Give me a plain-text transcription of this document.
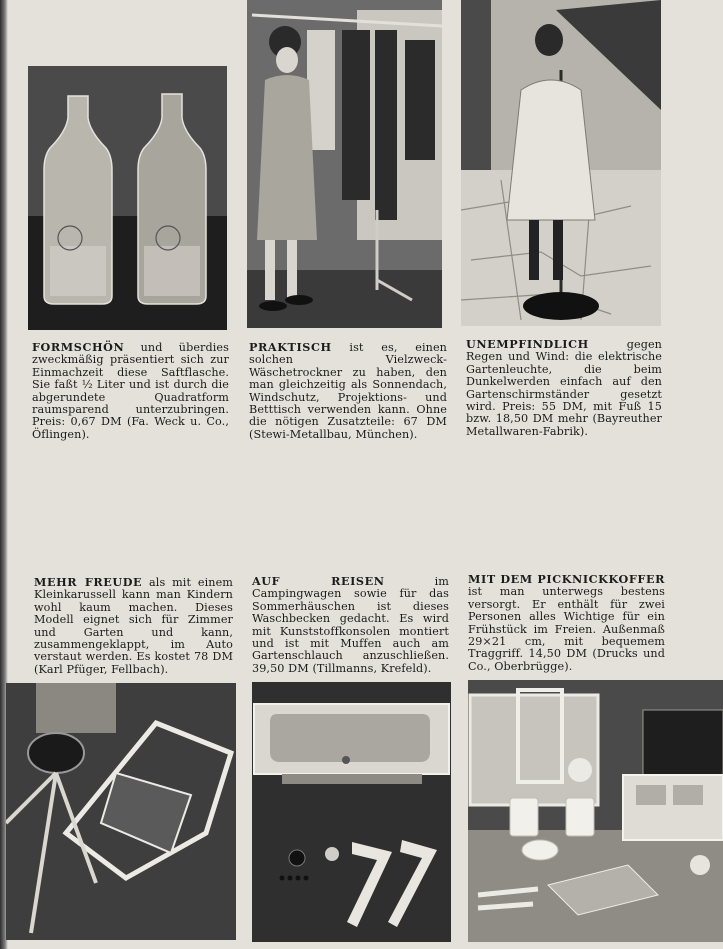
FORMSCHÖN und überdies zweckmäßig präsentiert sich zur Einmachzeit diese Saftflasche. Sie faßt ½ Liter und ist durch die abgerundete Quadratform raumsparend unterzubringen. Preis: 0,67 DM (Fa. Weck u. Co., Öflingen).
PRAKTISCH ist es, einen solchen Vielzweck-Wäschetrockner zu haben, den man gleichzeitig als Sonnendach, Windschutz, Projektions- und Betttisch verwenden kann. Ohne die nötigen Zusatzteile: 67 DM (Stewi-Metallbau, München).
UNEMPFINDLICH	gegen Regen und Wind: die elektrische Gartenleuchte, die beim Dunkelwerden einfach auf den Gartenschirmständer gesetzt wird. Preis: 55 DM, mit Fuß 15 bzw. 18,50 DM mehr (Bayreuther Metallwaren-Fabrik).
MEHR FREUDE als mit einem Kleinkarussell kann man Kindern wohl kaum machen. Dieses Modell eignet sich für Zimmer und Garten und kann, zusammengeklappt, im Auto verstaut werden. Es kostet 78 DM (Karl Pfüger, Fellbach).
AUF REISEN	im Campingwagen sowie für das Sommerhäuschen ist dieses Waschbecken gedacht. Es wird mit Kunststoffkonsolen montiert und ist mit Muffen auch am Gartenschlauch anzuschließen. 39,50 DM (Tillmanns, Krefeld).
MIT DEM PICKNICKKOFFER ist man unterwegs bestens versorgt. Er enthält für zwei Personen alles Wichtige für ein Frühstück im Freien. Außenmaß 29×21 cm, mit bequemem Traggriff. 14,50 DM (Drucks und Co., Oberbrügge).
